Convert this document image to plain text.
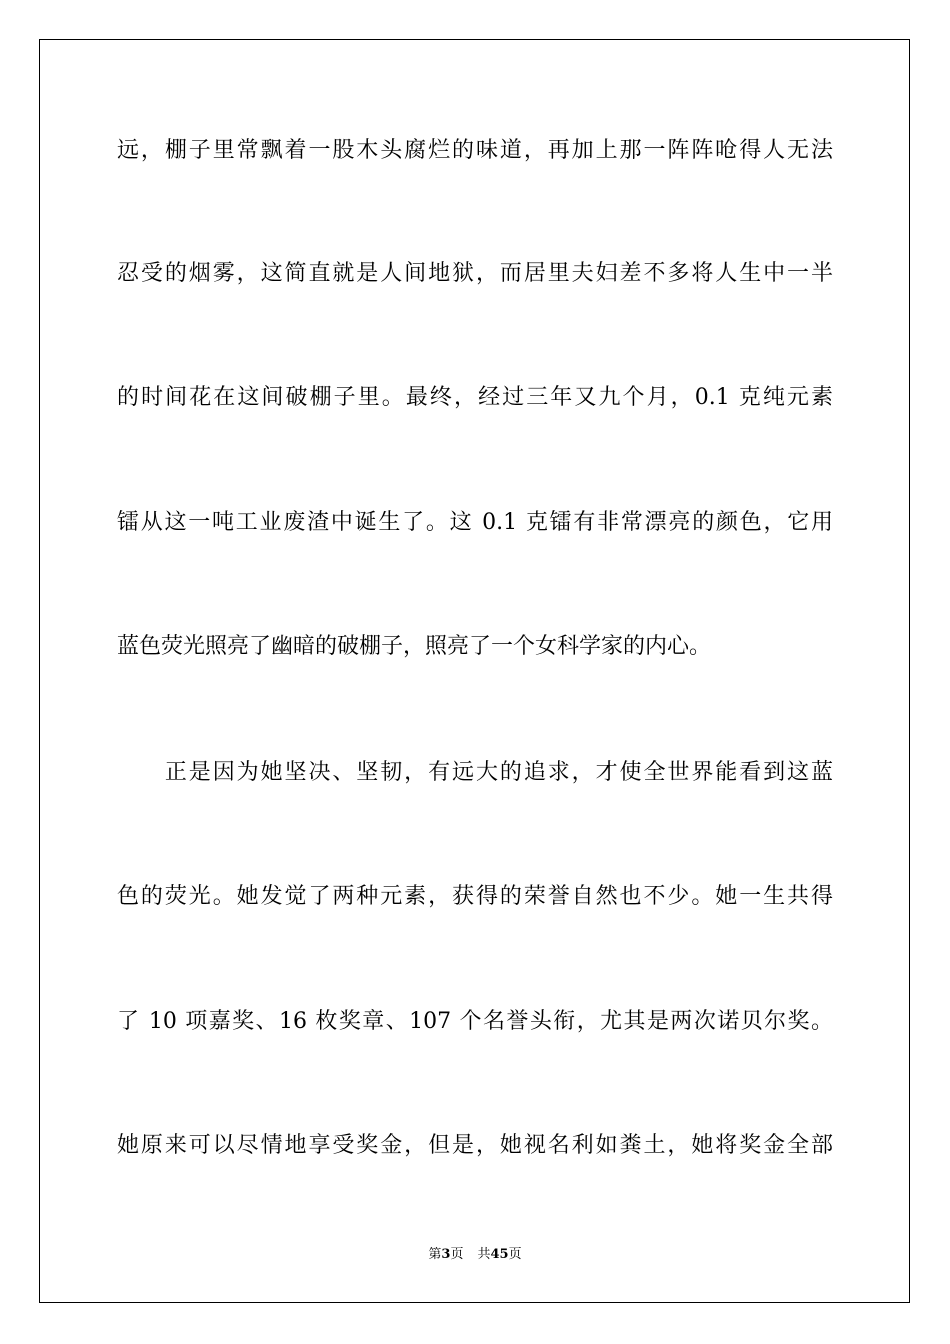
远，棚子里常飘着一股木头腐烂的味道，再加上那一阵阵呛得人无法
忍受的烟雾，这简直就是人间地狱，而居里夫妇差不多将人生中一半
的时间花在这间破棚子里。最终，经过三年又九个月，0.1 克纯元素
镭从这一吨工业废渣中诞生了。这 0.1 克镭有非常漂亮的颜色，它用
蓝色荧光照亮了幽暗的破棚子，照亮了一个女科学家的内心。
　　正是因为她坚决、坚韧，有远大的追求，才使全世界能看到这蓝
色的荧光。她发觉了两种元素，获得的荣誉自然也不少。她一生共得
了 10 项嘉奖、16 枚奖章、107 个名誉头衔，尤其是两次诺贝尔奖。
她原来可以尽情地享受奖金，但是，她视名利如粪土，她将奖金全部
第3页 共45页
